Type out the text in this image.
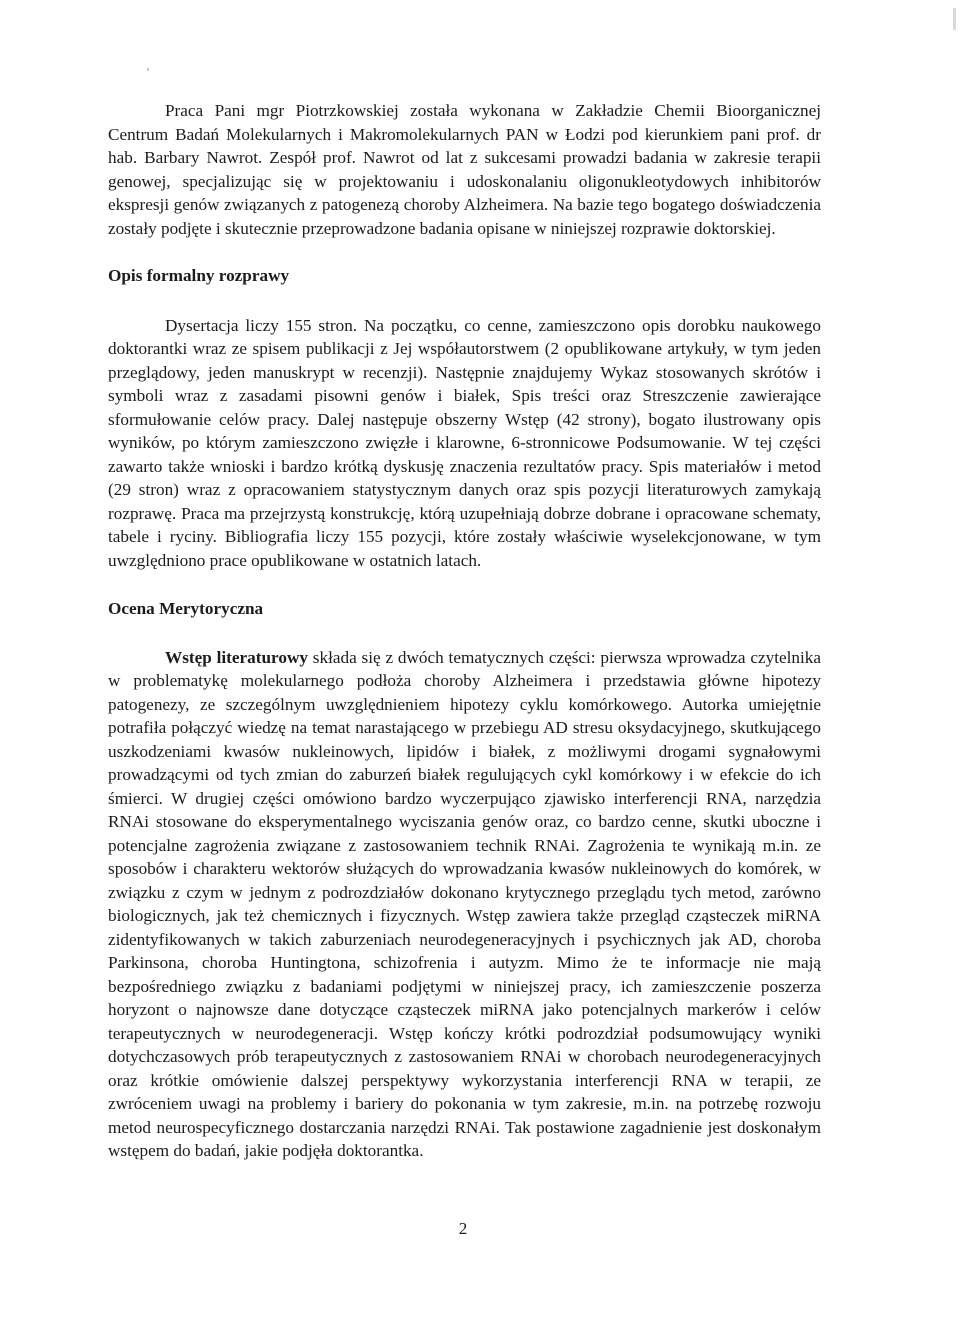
Praca Pani mgr Piotrzkowskiej została wykonana w Zakładzie Chemii Bioorganicznej Centrum Badań Molekularnych i Makromolekularnych PAN w Łodzi pod kierunkiem pani prof. dr hab. Barbary Nawrot. Zespół prof. Nawrot od lat z sukcesami prowadzi badania w zakresie terapii genowej, specjalizując się w projektowaniu i udoskonalaniu oligonukleotydowych inhibitorów ekspresji genów związanych z patogenezą choroby Alzheimera. Na bazie tego bogatego doświadczenia zostały podjęte i skutecznie przeprowadzone badania opisane w niniejszej rozprawie doktorskiej.

Opis formalny rozprawy

Dysertacja liczy 155 stron. Na początku, co cenne, zamieszczono opis dorobku naukowego doktorantki wraz ze spisem publikacji z Jej współautorstwem (2 opublikowane artykuły, w tym jeden przeglądowy, jeden manuskrypt w recenzji). Następnie znajdujemy Wykaz stosowanych skrótów i symboli wraz z zasadami pisowni genów i białek, Spis treści oraz Streszczenie zawierające sformułowanie celów pracy. Dalej następuje obszerny Wstęp (42 strony), bogato ilustrowany opis wyników, po którym zamieszczono zwięzłe i klarowne, 6-stronnicowe Podsumowanie. W tej części zawarto także wnioski i bardzo krótką dyskusję znaczenia rezultatów pracy. Spis materiałów i metod (29 stron) wraz z opracowaniem statystycznym danych oraz spis pozycji literaturowych zamykają rozprawę. Praca ma przejrzystą konstrukcję, którą uzupełniają dobrze dobrane i opracowane schematy, tabele i ryciny. Bibliografia liczy 155 pozycji, które zostały właściwie wyselekcjonowane, w tym uwzględniono prace opublikowane w ostatnich latach.

Ocena Merytoryczna

Wstęp literaturowy składa się z dwóch tematycznych części: pierwsza wprowadza czytelnika w problematykę molekularnego podłoża choroby Alzheimera i przedstawia główne hipotezy patogenezy, ze szczególnym uwzględnieniem hipotezy cyklu komórkowego. Autorka umiejętnie potrafiła połączyć wiedzę na temat narastającego w przebiegu AD stresu oksydacyjnego, skutkującego uszkodzeniami kwasów nukleinowych, lipidów i białek, z możliwymi drogami sygnałowymi prowadzącymi od tych zmian do zaburzeń białek regulujących cykl komórkowy i w efekcie do ich śmierci. W drugiej części omówiono bardzo wyczerpująco zjawisko interferencji RNA, narzędzia RNAi stosowane do eksperymentalnego wyciszania genów oraz, co bardzo cenne, skutki uboczne i potencjalne zagrożenia związane z zastosowaniem technik RNAi. Zagrożenia te wynikają m.in. ze sposobów i charakteru wektorów służących do wprowadzania kwasów nukleinowych do komórek, w związku z czym w jednym z podrozdziałów dokonano krytycznego przeglądu tych metod, zarówno biologicznych, jak też chemicznych i fizycznych. Wstęp zawiera także przegląd cząsteczek miRNA zidentyfikowanych w takich zaburzeniach neurodegeneracyjnych i psychicznych jak AD, choroba Parkinsona, choroba Huntingtona, schizofrenia i autyzm. Mimo że te informacje nie mają bezpośredniego związku z badaniami podjętymi w niniejszej pracy, ich zamieszczenie poszerza horyzont o najnowsze dane dotyczące cząsteczek miRNA jako potencjalnych markerów i celów terapeutycznych w neurodegeneracji. Wstęp kończy krótki podrozdział podsumowujący wyniki dotychczasowych prób terapeutycznych z zastosowaniem RNAi w chorobach neurodegeneracyjnych oraz krótkie omówienie dalszej perspektywy wykorzystania interferencji RNA w terapii, ze zwróceniem uwagi na problemy i bariery do pokonania w tym zakresie, m.in. na potrzebę rozwoju metod neurospecyficznego dostarczania narzędzi RNAi. Tak postawione zagadnienie jest doskonałym wstępem do badań, jakie podjęła doktorantka.

2
